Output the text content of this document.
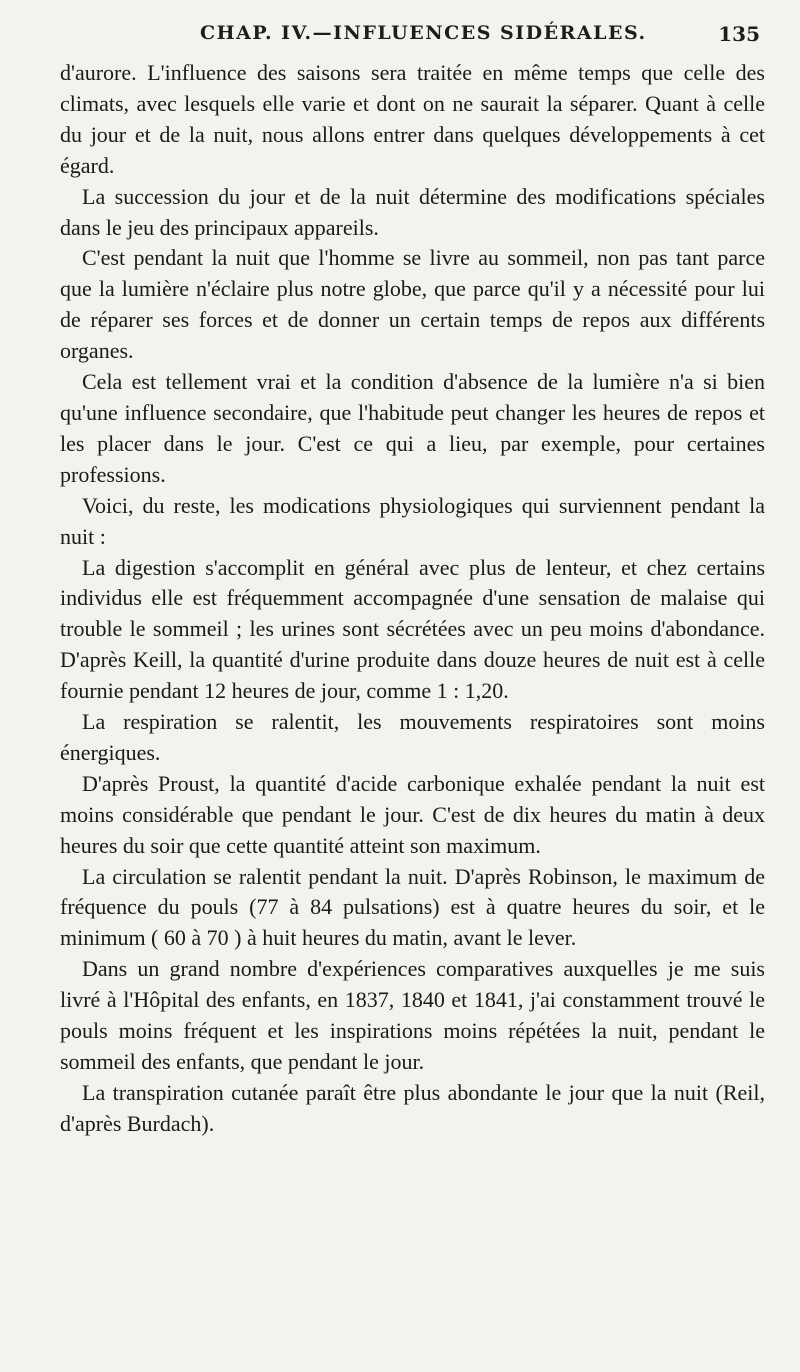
CHAP. IV.—INFLUENCES SIDÉRALES.	135

d'aurore. L'influence des saisons sera traitée en même temps que celle des climats, avec lesquels elle varie et dont on ne saurait la séparer. Quant à celle du jour et de la nuit, nous allons entrer dans quelques développements à cet égard.

La succession du jour et de la nuit détermine des modifications spéciales dans le jeu des principaux appareils.

C'est pendant la nuit que l'homme se livre au sommeil, non pas tant parce que la lumière n'éclaire plus notre globe, que parce qu'il y a nécessité pour lui de réparer ses forces et de donner un certain temps de repos aux différents organes.

Cela est tellement vrai et la condition d'absence de la lumière n'a si bien qu'une influence secondaire, que l'habitude peut changer les heures de repos et les placer dans le jour. C'est ce qui a lieu, par exemple, pour certaines professions.

Voici, du reste, les modications physiologiques qui surviennent pendant la nuit :

La digestion s'accomplit en général avec plus de lenteur, et chez certains individus elle est fréquemment accompagnée d'une sensation de malaise qui trouble le sommeil ; les urines sont sécrétées avec un peu moins d'abondance. D'après Keill, la quantité d'urine produite dans douze heures de nuit est à celle fournie pendant 12 heures de jour, comme 1 : 1,20.

La respiration se ralentit, les mouvements respiratoires sont moins énergiques.

D'après Proust, la quantité d'acide carbonique exhalée pendant la nuit est moins considérable que pendant le jour. C'est de dix heures du matin à deux heures du soir que cette quantité atteint son maximum.

La circulation se ralentit pendant la nuit. D'après Robinson, le maximum de fréquence du pouls (77 à 84 pulsations) est à quatre heures du soir, et le minimum ( 60 à 70 ) à huit heures du matin, avant le lever.

Dans un grand nombre d'expériences comparatives auxquelles je me suis livré à l'Hôpital des enfants, en 1837, 1840 et 1841, j'ai constamment trouvé le pouls moins fréquent et les inspirations moins répétées la nuit, pendant le sommeil des enfants, que pendant le jour.

La transpiration cutanée paraît être plus abondante le jour que la nuit (Reil, d'après Burdach).
